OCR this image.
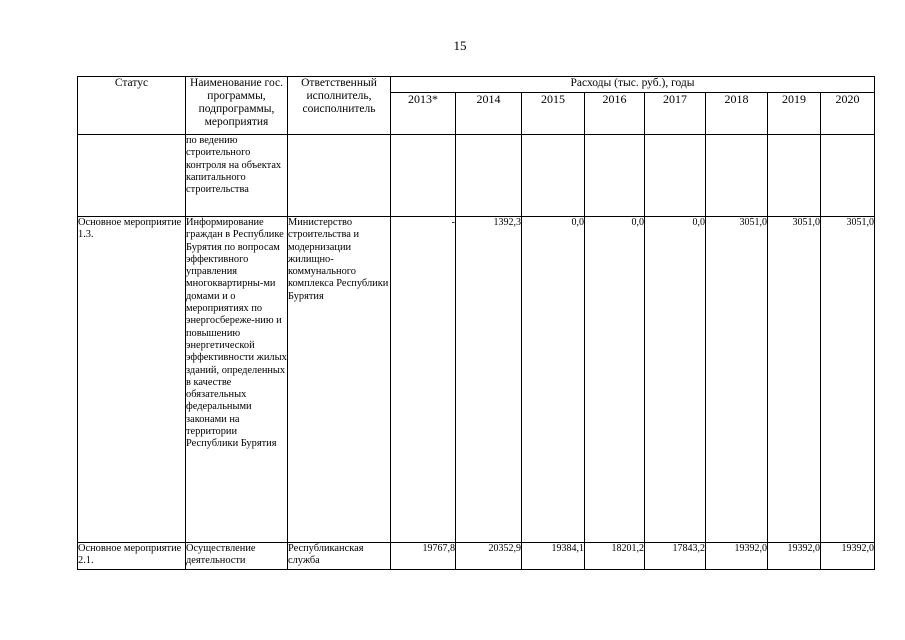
15
Статус	Наименование гос. программы, подпрограммы, мероприятия	Ответственный исполнитель, соисполнитель	Расходы (тыс. руб.), годы							
			2013*	2014	2015	2016	2017	2018	2019	2020
	по ведению строительного контроля на объектах капитального строительства									
Основное мероприятие 1.3.	Информирование граждан в Республике Бурятия по вопросам эффективного управления многоквартирны-ми домами и о мероприятиях по энергосбереже-нию и повышению энергетической эффективности жилых зданий, определенных в качестве обязательных федеральными законами на территории Республики Бурятия	Министерство строительства и модернизации жилищно-коммунального комплекса Республики Бурятия	-	1392,3	0,0	0,0	0,0	3051,0	3051,0	3051,0
Основное мероприятие 2.1.	Осуществление деятельности	Республиканская служба	19767,8	20352,9	19384,1	18201,2	17843,2	19392,0	19392,0	19392,0
